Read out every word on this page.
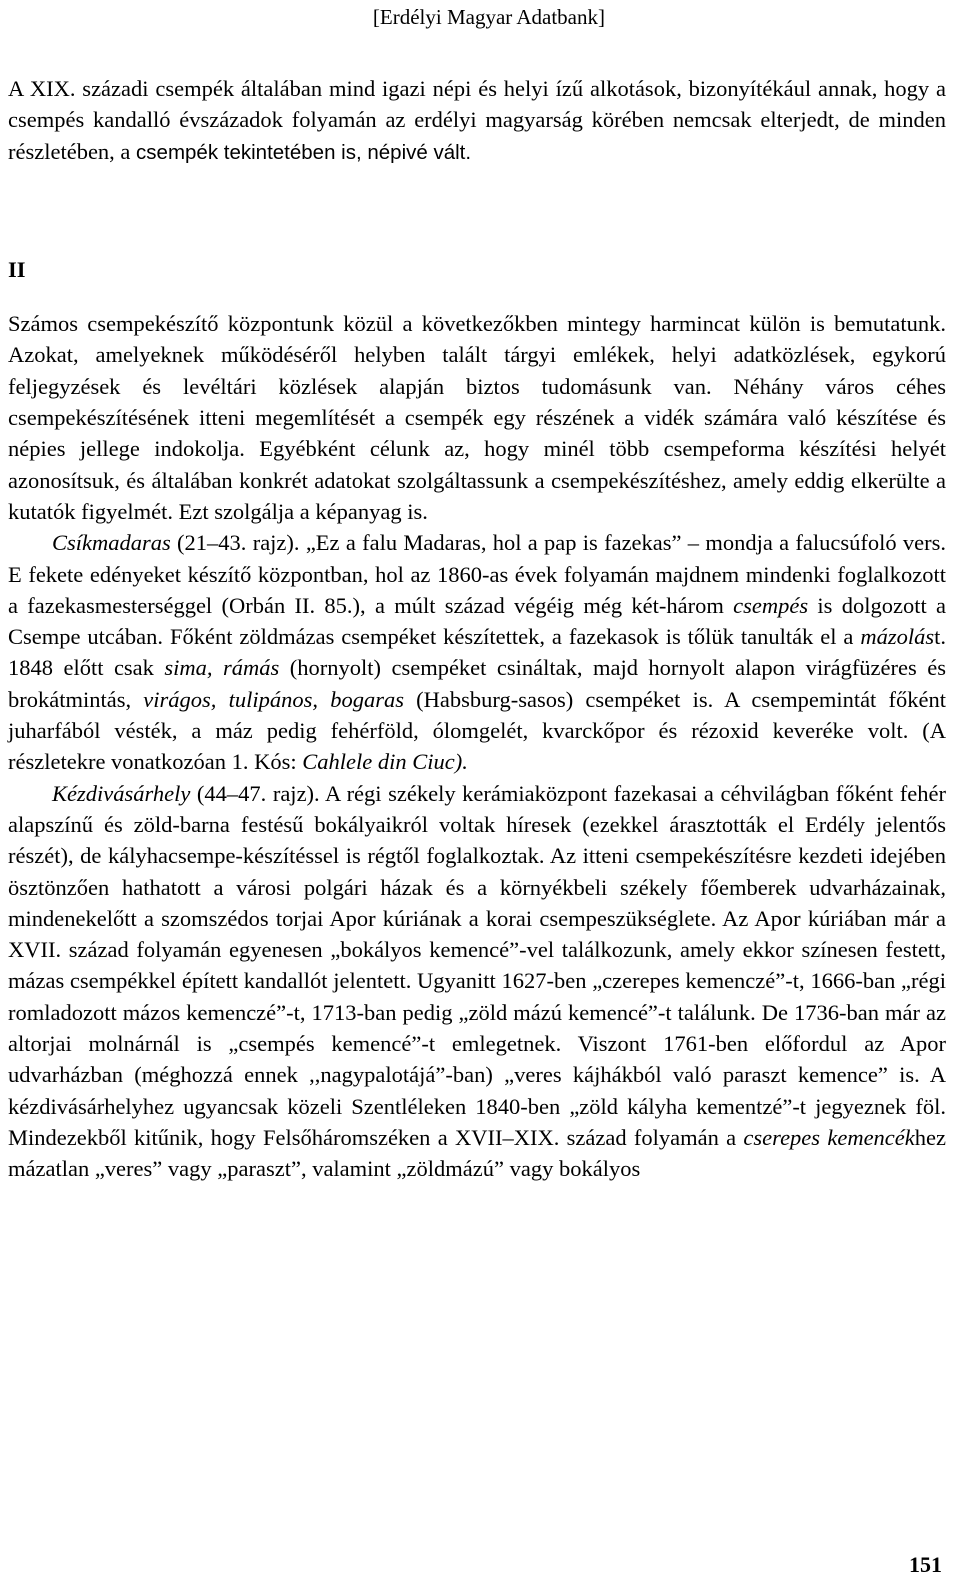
[Erdélyi Magyar Adatbank]

A XIX. századi csempék általában mind igazi népi és helyi ízű alkotások, bizonyítékául annak, hogy a csempés kandalló évszázadok folyamán az erdélyi magyarság körében nemcsak elterjedt, de minden részletében, a csempék tekintetében is, népivé vált.

II

Számos csempekészítő központunk közül a következőkben mintegy harmincat külön is bemutatunk. Azokat, amelyeknek működéséről helyben talált tárgyi emlékek, helyi adatközlések, egykorú feljegyzések és levéltári közlések alapján biztos tudomásunk van. Néhány város céhes csempekészítésének itteni megemlítését a csempék egy részének a vidék számára való készítése és népies jellege indokolja. Egyébként célunk az, hogy minél több csempeforma készítési helyét azonosítsuk, és általában konkrét adatokat szolgáltassunk a csempekészítéshez, amely eddig elkerülte a kutatók figyelmét. Ezt szolgálja a képanyag is.

Csíkmadaras (21–43. rajz). „Ez a falu Madaras, hol a pap is fazekas” – mondja a falucsúfoló vers. E fekete edényeket készítő központban, hol az 1860-as évek folyamán majdnem mindenki foglalkozott a fazekasmesterséggel (Orbán II. 85.), a múlt század végéig még két-három csempés is dolgozott a Csempe utcában. Főként zöldmázas csempéket készítettek, a fazekasok is tőlük tanulták el a mázolást. 1848 előtt csak sima, rámás (hornyolt) csempéket csináltak, majd hornyolt alapon virágfüzéres és brokátmintás, virágos, tulipános, bogaras (Habsburg-sasos) csempéket is. A csempemintát főként juharfából vésték, a máz pedig fehérföld, ólomgelét, kvarckőpor és rézoxid keveréke volt. (A részletekre vonatkozóan 1. Kós: Cahlele din Ciuc).

Kézdivásárhely (44–47. rajz). A régi székely kerámiaközpont fazekasai a céhvilágban főként fehér alapszínű és zöld-barna festésű bokályaikról voltak híresek (ezekkel árasztották el Erdély jelentős részét), de kályhacsempe-készítéssel is régtől foglalkoztak. Az itteni csempekészítésre kezdeti idejében ösztönzően hathatott a városi polgári házak és a környékbeli székely főemberek udvarházainak, mindenekelőtt a szomszédos torjai Apor kúriának a korai csempeszükséglete. Az Apor kúriában már a XVII. század folyamán egyenesen „bokályos kemencé”-vel találkozunk, amely ekkor színesen festett, mázas csempékkel épített kandallót jelentett. Ugyanitt 1627-ben „czerepes kemenczé”-t, 1666-ban „régi romladozott mázos kemenczé”-t, 1713-ban pedig „zöld mázú kemencé”-t találunk. De 1736-ban már az altorjai molnárnál is „csempés kemencé”-t emlegetnek. Viszont 1761-ben előfordul az Apor udvarházban (méghozzá ennek ,,nagypalotájá”-ban) „veres kájhákból való paraszt kemence” is. A kézdivásárhelyhez ugyancsak közeli Szentléleken 1840-ben „zöld kályha kementzé”-t jegyeznek föl. Mindezekből kitűnik, hogy Felsőháromszéken a XVII–XIX. század folyamán a cserepes kemencékhez mázatlan „veres” vagy „paraszt”, valamint „zöldmázú” vagy bokályos

151
